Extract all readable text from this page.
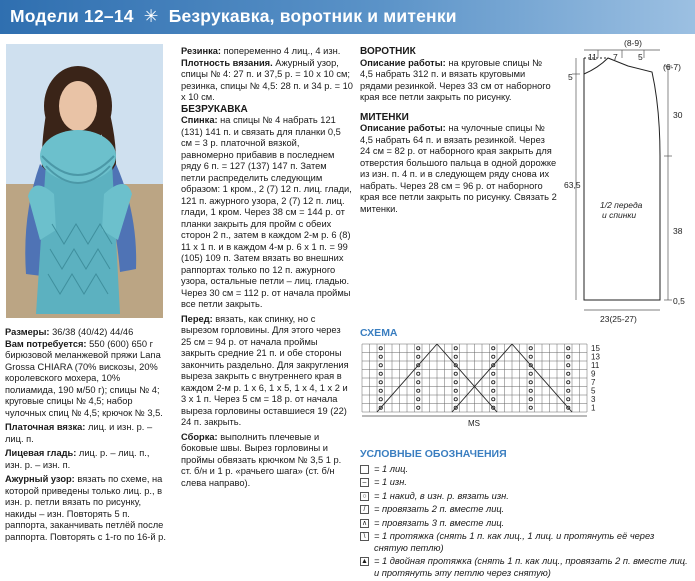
Модели 12–14 ✳ Безрукавка, воротник и митенки

Размеры: 36/38 (40/42) 44/46

Вам потребуется: 550 (600) 650 г бирюзовой меланжевой пряжи Lana Grossa CHIARA (70% вискозы, 20% королевского мохера, 10% полиамида, 190 м/50 г); спицы № 4; круговые спицы № 4,5; набор чулочных спиц № 4,5; крючок № 3,5.

Платочная вязка: лиц. и изн. р. – лиц. п.

Лицевая гладь: лиц. р. – лиц. п., изн. р. – изн. п.

Ажурный узор: вязать по схеме, на которой приведены только лиц. р., в изн. р. петли вязать по рисунку, накиды – изн. Повторять 5 п. раппорта, заканчивать петлёй после раппорта. Повторять с 1-го по 16-й р.

Резинка: попеременно 4 лиц., 4 изн.

Плотность вязания. Ажурный узор, спицы № 4: 27 п. и 37,5 р. = 10 х 10 см; резинка, спицы № 4,5: 28 п. и 34 р. = 10 х 10 см.

БЕЗРУКАВКА

Спинка: на спицы № 4 набрать 121 (131) 141 п. и связать для планки 0,5 см = 3 р. платочной вязкой, равномерно прибавив в последнем ряду 6 п. = 127 (137) 147 п. Затем петли распределить следующим образом: 1 кром., 2 (7) 12 п. лиц. глади, 121 п. ажурного узора, 2 (7) 12 п. лиц. глади, 1 кром. Через 38 см = 144 р. от планки закрыть для пройм с обеих сторон 2 п., затем в каждом 2-м р. 6 (8) 11 х 1 п. и в каждом 4-м р. 6 х 1 п. = 99 (105) 109 п. Затем вязать во внешних раппортах только по 12 п. ажурного узора, остальные петли – лиц. гладью. Через 30 см = 112 р. от начала проймы все петли закрыть.

Перед: вязать, как спинку, но с вырезом горловины. Для этого через 25 см = 94 р. от начала проймы закрыть средние 21 п. и обе стороны закончить раздельно. Для закругления выреза закрыть с внутреннего края в каждом 2-м р. 1 х 6, 1 х 5, 1 х 4, 1 х 2 и 3 х 1 п. Через 5 см = 18 р. от начала выреза горловины оставшиеся 19 (22) 24 п. закрыть.

Сборка: выполнить плечевые и боковые швы. Вырез горловины и проймы обвязать крючком № 3,5 1 р. ст. б/н и 1 р. «рачьего шага» (ст. б/н слева направо).

ВОРОТНИК

Описание работы: на круговые спицы № 4,5 набрать 312 п. и вязать круговыми рядами резинкой. Через 33 см от наборного края все петли закрыть по рисунку.

МИТЕНКИ

Описание работы: на чулочные спицы № 4,5 набрать 64 п. и вязать резинкой. Через 24 см = 82 р. от наборного края закрыть для отверстия большого пальца в одной дорожке из изн. п. 4 п. и в следующем ряду снова их набрать. Через 28 см = 96 р. от наборного края все петли закрыть по рисунку. Связать 2 митенки.

(8-9)
11 7 5
(6-7)
30
38
0,5
5
63,5
23(25-27)
1/2 переда
и спинки
СХЕМА
15
13
11
9
7
5
3
1
MS
УСЛОВНЫЕ ОБОЗНАЧЕНИЯ
= 1 лиц.
– = 1 изн.
○ = 1 накид, в изн. р. вязать изн.
/ = провязать 2 п. вместе лиц.
∧ = провязать 3 п. вместе лиц.
\ = 1 протяжка (снять 1 п. как лиц., 1 лиц. и протянуть её через снятую петлю)
▲ = 1 двойная протяжка (снять 1 п. как лиц., провязать 2 п. вместе лиц. и протянуть эту петлю через снятую)
